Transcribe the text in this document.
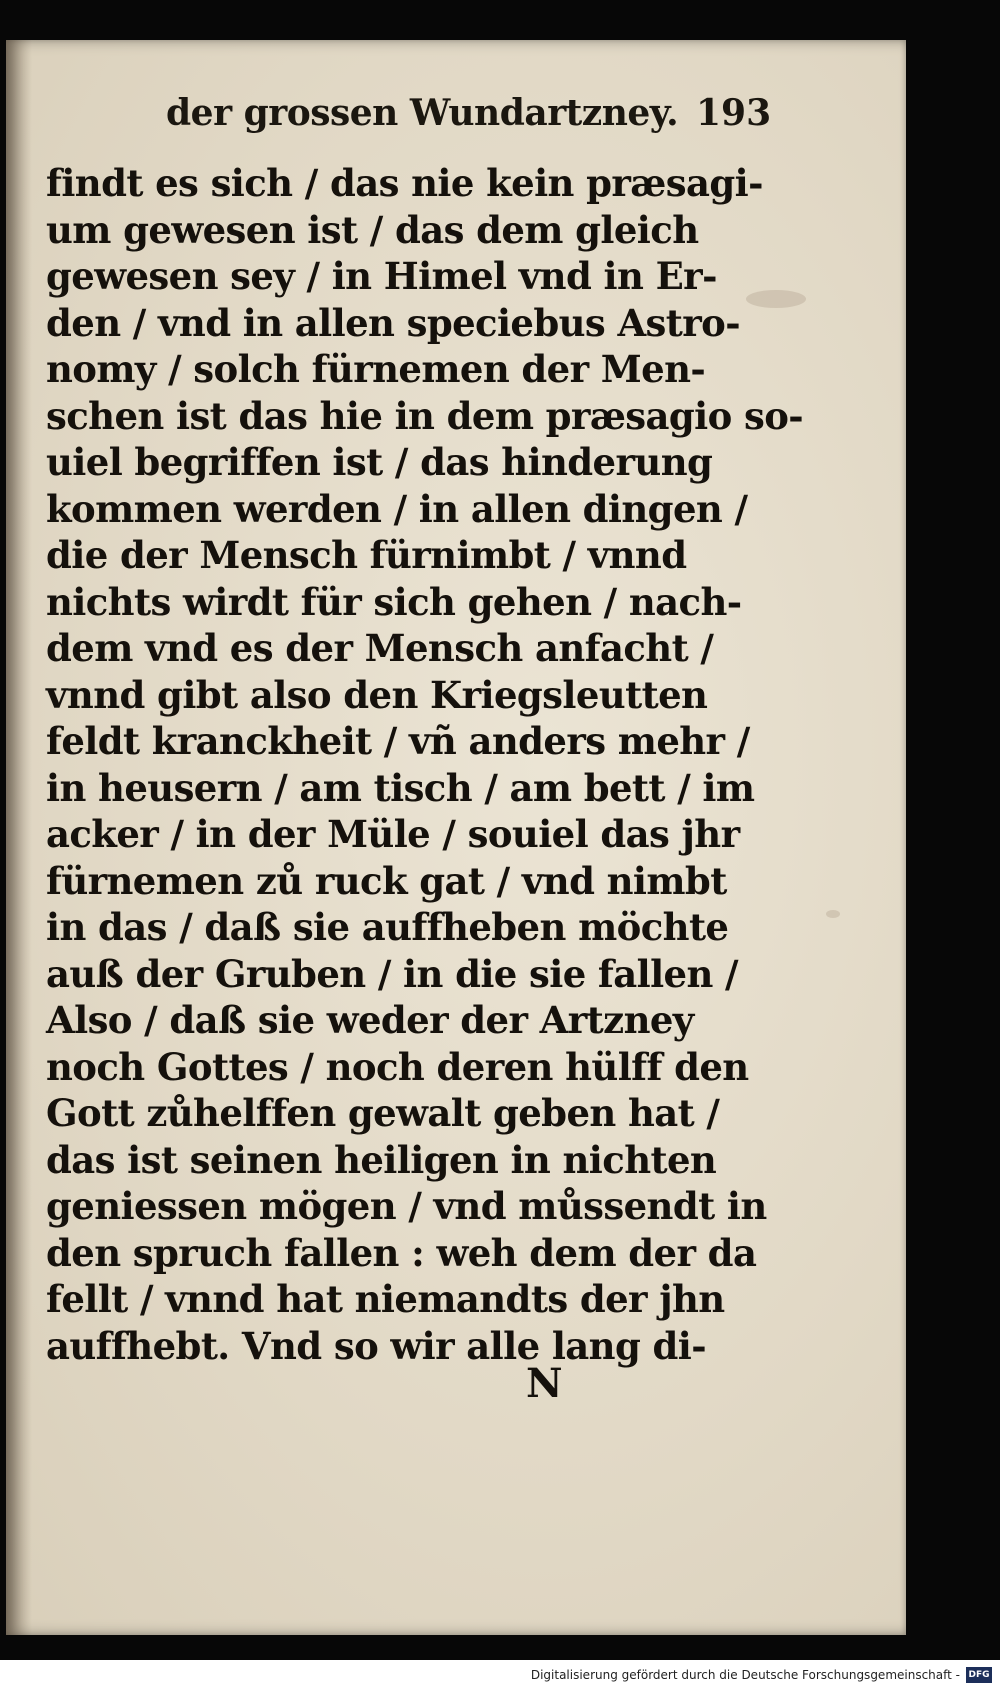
der grossen Wundartzney. 193
findt es sich / das nie kein præsagi-
um gewesen ist / das dem gleich
gewesen sey / in Himel vnd in Er-
den / vnd in allen speciebus Astro-
nomy / solch fürnemen der Men-
schen ist das hie in dem præsagio so-
uiel begriffen ist / das hinderung
kommen werden / in allen dingen /
die der Mensch fürnimbt / vnnd
nichts wirdt für sich gehen / nach-
dem vnd es der Mensch anfacht /
vnnd gibt also den Kriegsleutten
feldt kranckheit / vñ anders mehr /
in heusern / am tisch / am bett / im
acker / in der Müle / souiel das jhr
fürnemen zů ruck gat / vnd nimbt
in das / daß sie auffheben möchte
auß der Gruben / in die sie fallen /
Also / daß sie weder der Artzney
noch Gottes / noch deren hülff den
Gott zůhelffen gewalt geben hat /
das ist seinen heiligen in nichten
geniessen mögen / vnd můssendt in
den spruch fallen : weh dem der da
fellt / vnnd hat niemandts der jhn
auffhebt. Vnd so wir alle lang di-
N
Digitalisierung gefördert durch die Deutsche Forschungsgemeinschaft - DFG
